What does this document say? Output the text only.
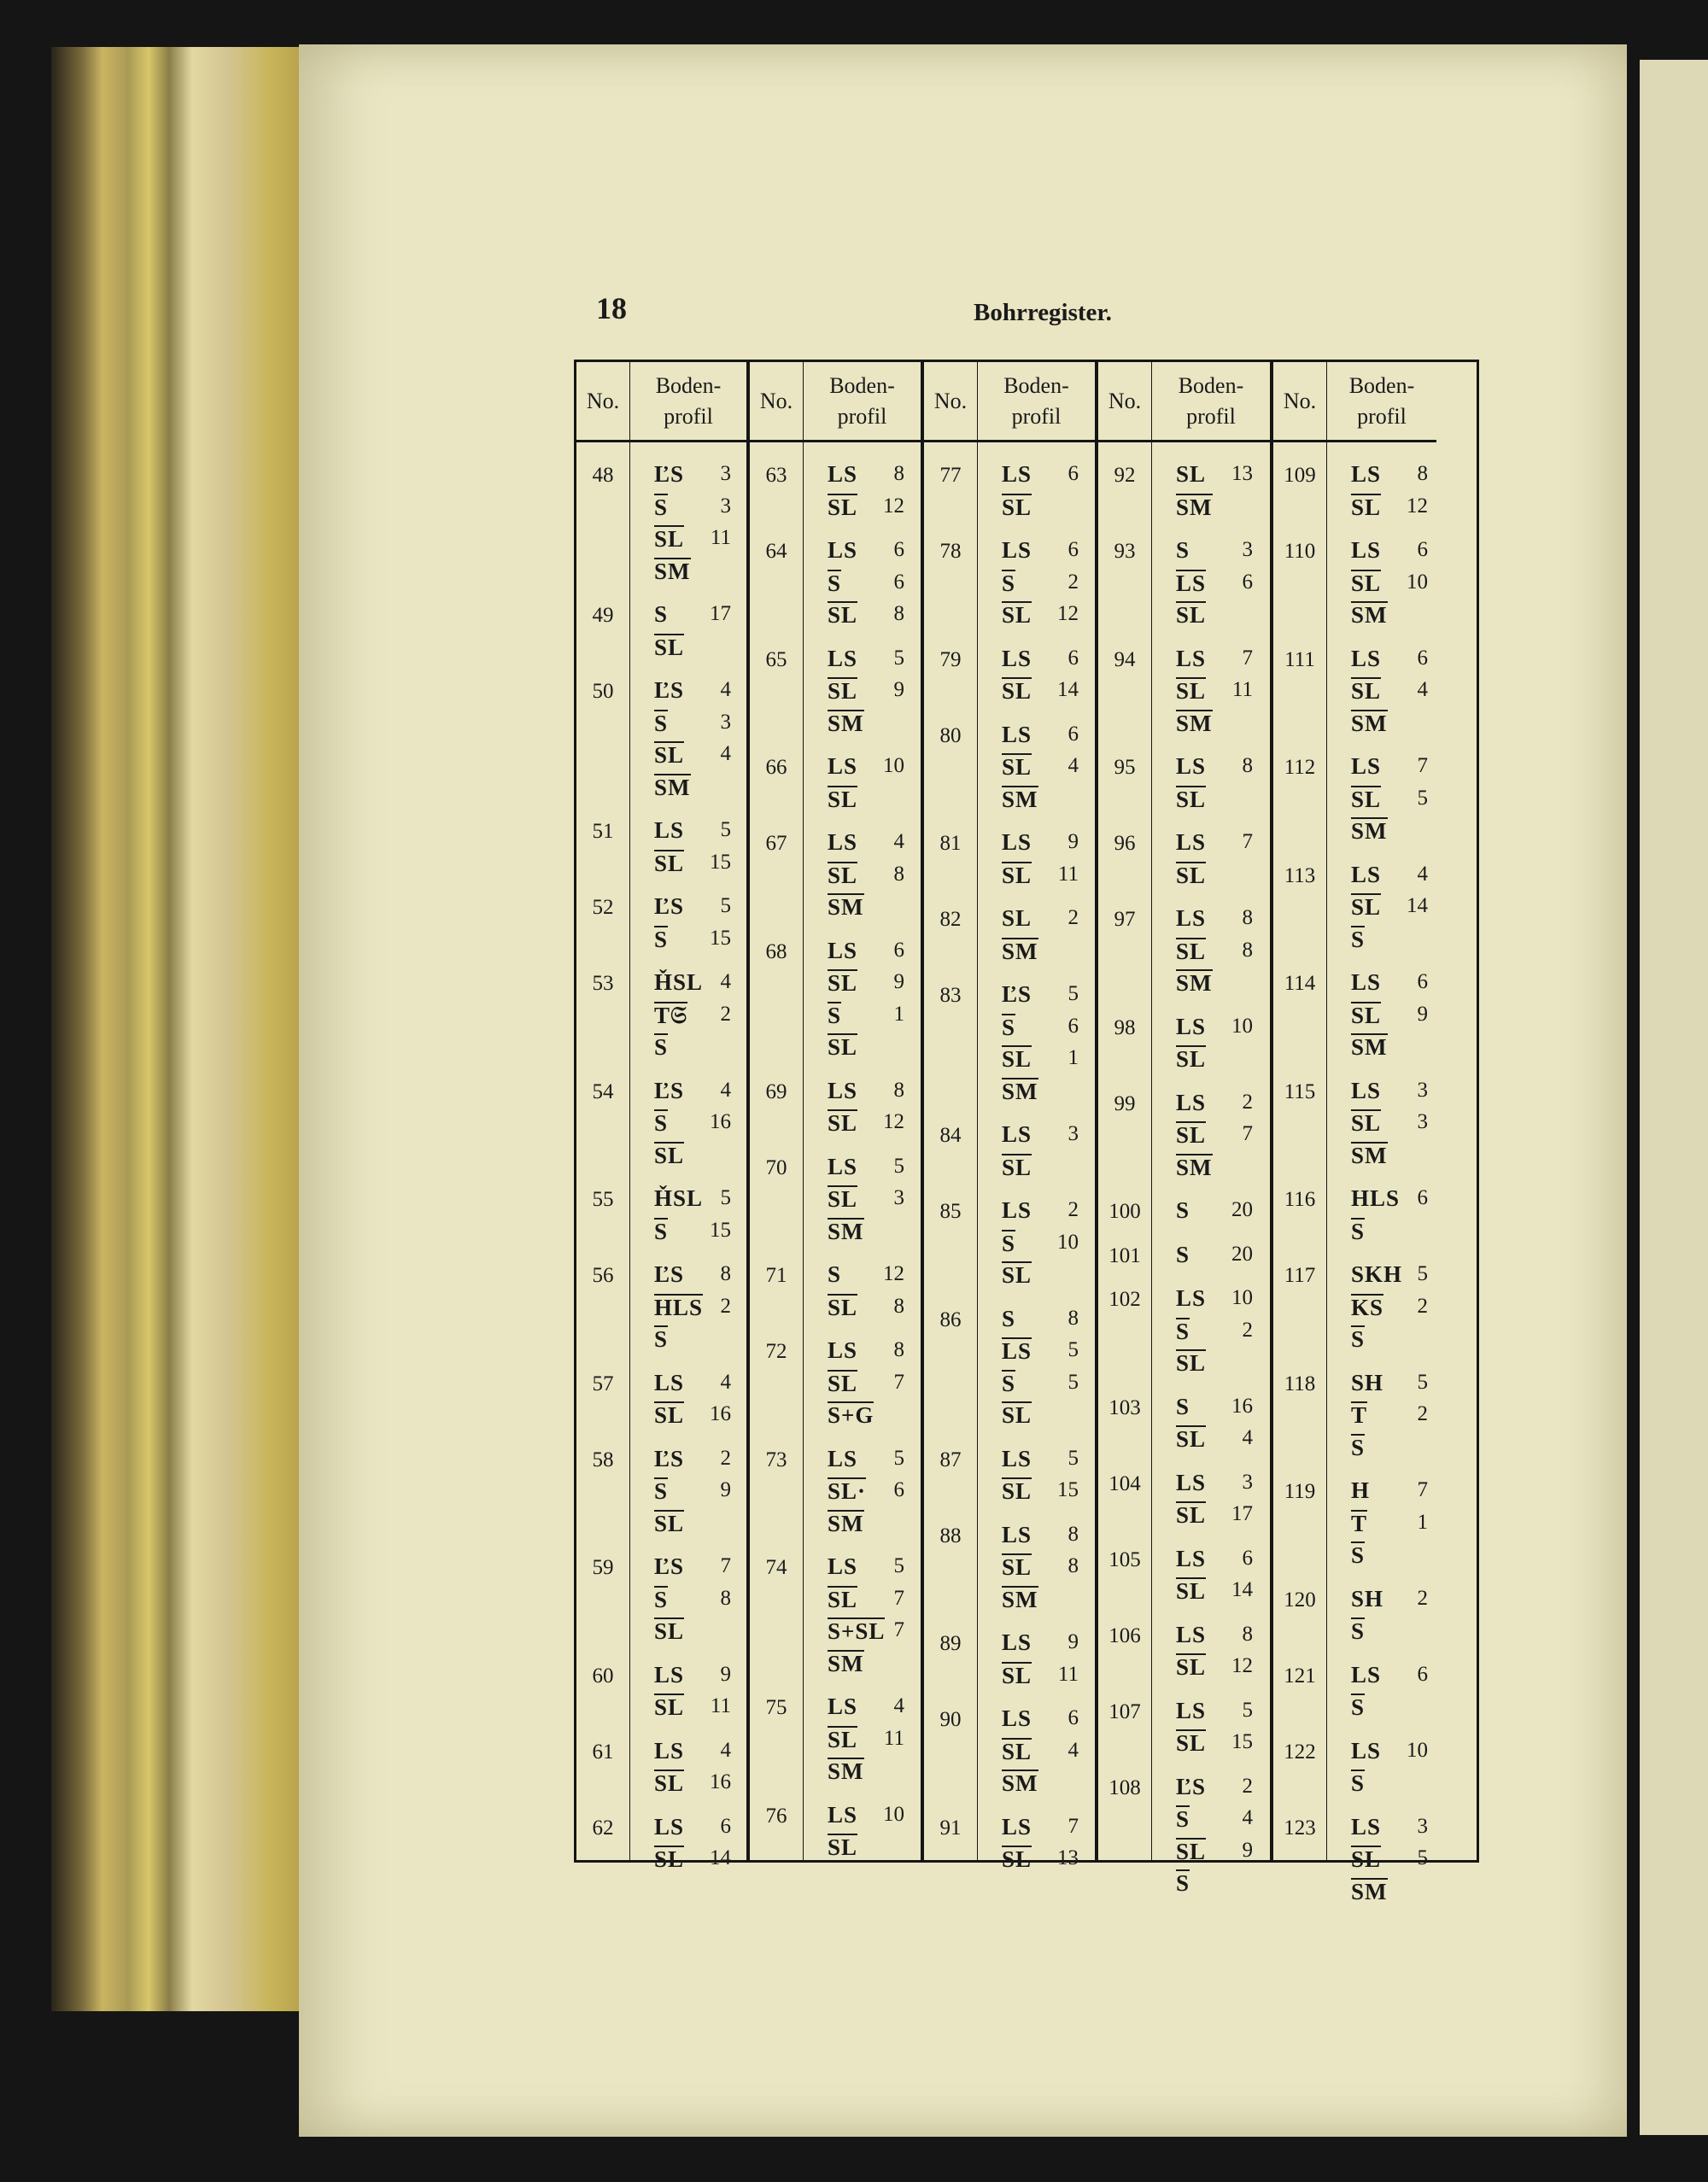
18	Bohrregister.
No.
48
49
50
51
52
53
54
55
56
57
58
59
60
61
62
Boden-
profil
ĽS 3
S 3
SL 11
SM
S 17
SL
ĽS 4
S 3
SL 4
SM
LS 5
SL 15
ĽS 5
S 15
ȞSL 4
T𝔖 2
S
ĽS 4
S 16
SL
ȞSL 5
S 15
ĽS 8
HLS 2
S
LS 4
SL 16
ĽS 2
S 9
SL
ĽS 7
S 8
SL
LS 9
SL 11
LS 4
SL 16
LS 6
SL 14
No.
63
64
65
66
67
68
69
70
71
72
73
74
75
76
Boden-
profil
LS 8
SL 12
LS 6
S 6
SL 8
LS 5
SL 9
SM
LS 10
SL
LS 4
SL 8
SM
LS 6
SL 9
S 1
SL
LS 8
SL 12
LS 5
SL 3
SM
S 12
SL 8
LS 8
SL 7
S+G
LS 5
SL· 6
SM
LS 5
SL 7
S+SL 7
SM
LS 4
SL 11
SM
LS 10
SL
No.
77
78
79
80
81
82
83
84
85
86
87
88
89
90
91
Boden-
profil
LS 6
SL
LS 6
S 2
SL 12
LS 6
SL 14
LS 6
SL 4
SM
LS 9
SL 11
SL 2
SM
ĽS 5
S 6
SL 1
SM
LS 3
SL
LS 2
S 10
SL
S 8
LS 5
S 5
SL
LS 5
SL 15
LS 8
SL 8
SM
LS 9
SL 11
LS 6
SL 4
SM
LS 7
SL 13
No.
92
93
94
95
96
97
98
99
100
101
102
103
104
105
106
107
108
Boden-
profil
SL 13
SM
S 3
LS 6
SL
LS 7
SL 11
SM
LS 8
SL
LS 7
SL
LS 8
SL 8
SM
LS 10
SL
LS 2
SL 7
SM
S 20
S 20
LS 10
S 2
SL
S 16
SL 4
LS 3
SL 17
LS 6
SL 14
LS 8
SL 12
LS 5
SL 15
ĽS 2
S 4
SL 9
S
No.
109
110
111
112
113
114
115
116
117
118
119
120
121
122
123
Boden-
profil
LS 8
SL 12
LS 6
SL 10
SM
LS 6
SL 4
SM
LS 7
SL 5
SM
LS 4
SL 14
S
LS 6
SL 9
SM
LS 3
SL 3
SM
HLS 6
S
SKH 5
KS 2
S
SH 5
T 2
S
H 7
T 1
S
SH 2
S
LS 6
S
LS 10
S
LS 3
SL 5
SM
